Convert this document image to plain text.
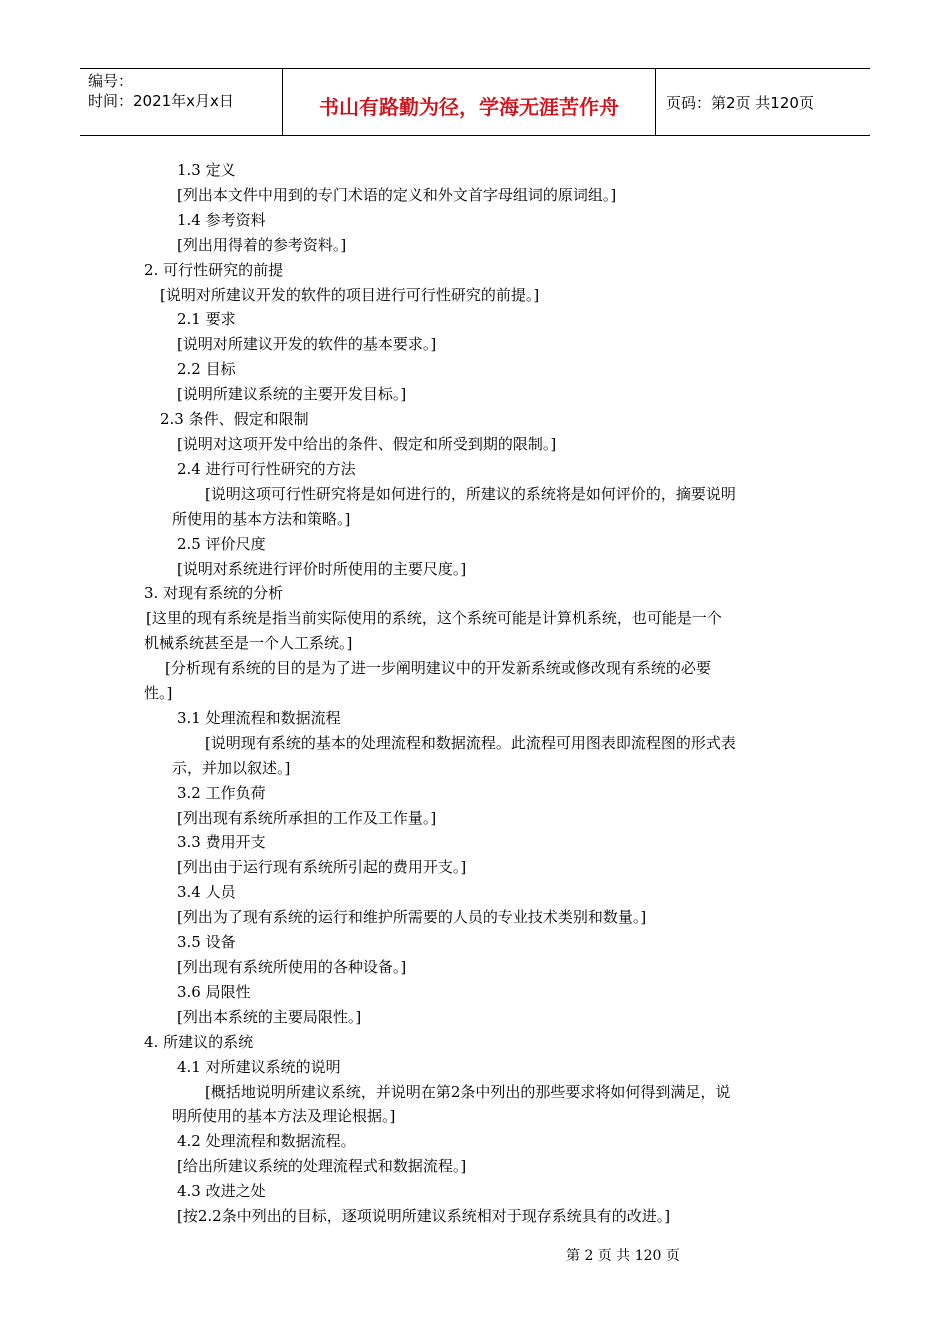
编号：
时间：2021年x月x日	书山有路勤为径，学海无涯苦作舟	页码：第2页 共120页
1.3 定义
[列出本文件中用到的专门术语的定义和外文首字母组词的原词组。]
1.4 参考资料
[列出用得着的参考资料。]
2. 可行性研究的前提
[说明对所建议开发的软件的项目进行可行性研究的前提。]
2.1 要求
[说明对所建议开发的软件的基本要求。]
2.2 目标
[说明所建议系统的主要开发目标。]
2.3 条件、假定和限制
[说明对这项开发中给出的条件、假定和所受到期的限制。]
2.4 进行可行性研究的方法
[说明这项可行性研究将是如何进行的，所建议的系统将是如何评价的，摘要说明
所使用的基本方法和策略。]
2.5 评价尺度
[说明对系统进行评价时所使用的主要尺度。]
3. 对现有系统的分析
[这里的现有系统是指当前实际使用的系统，这个系统可能是计算机系统，也可能是一个
机械系统甚至是一个人工系统。]
[分析现有系统的目的是为了进一步阐明建议中的开发新系统或修改现有系统的必要
性。]
3.1 处理流程和数据流程
[说明现有系统的基本的处理流程和数据流程。此流程可用图表即流程图的形式表
示，并加以叙述。]
3.2 工作负荷
[列出现有系统所承担的工作及工作量。]
3.3 费用开支
[列出由于运行现有系统所引起的费用开支。]
3.4 人员
[列出为了现有系统的运行和维护所需要的人员的专业技术类别和数量。]
3.5 设备
[列出现有系统所使用的各种设备。]
3.6 局限性
[列出本系统的主要局限性。]
4. 所建议的系统
4.1 对所建议系统的说明
[概括地说明所建议系统，并说明在第2条中列出的那些要求将如何得到满足，说
明所使用的基本方法及理论根据。]
4.2 处理流程和数据流程。
[给出所建议系统的处理流程式和数据流程。]
4.3 改进之处
[按2.2条中列出的目标，逐项说明所建议系统相对于现存系统具有的改进。]
第 2 页 共 120 页
